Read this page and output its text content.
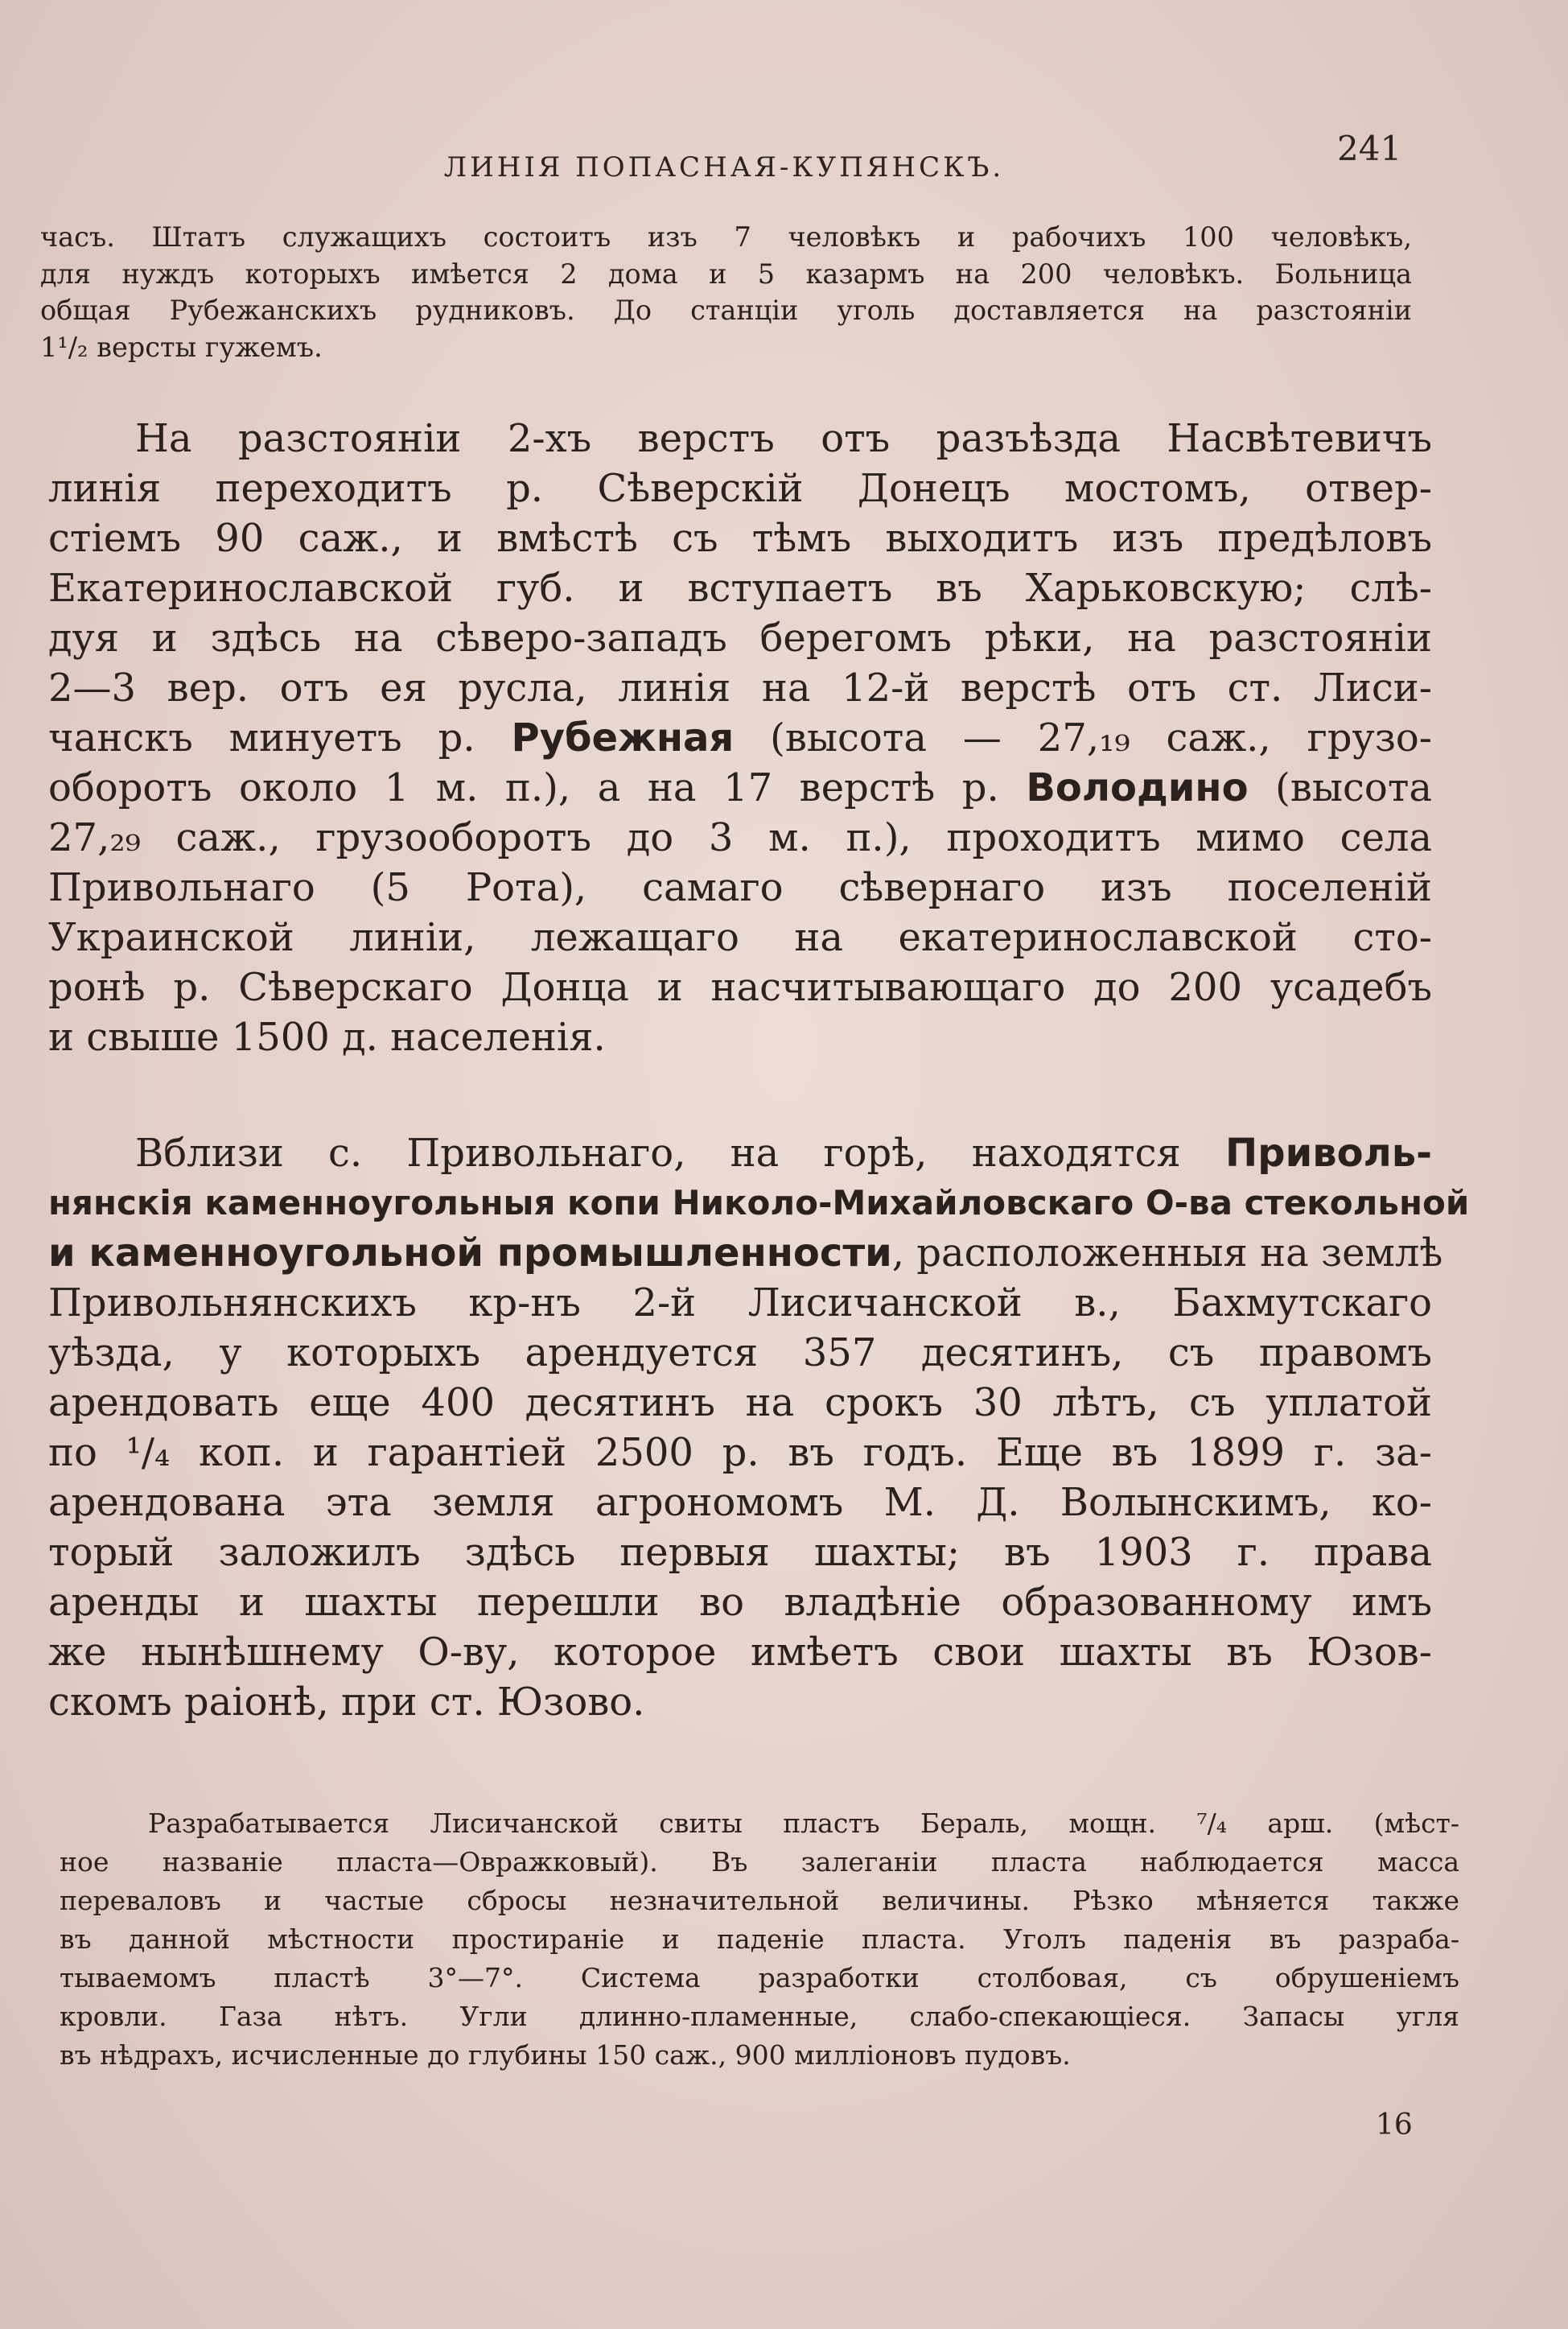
ЛИНІЯ ПОПАСНАЯ-КУПЯНСКЪ.	241
часъ. Штатъ служащихъ состоитъ изъ 7 человѣкъ и рабочихъ 100 человѣкъ,
для нуждъ которыхъ имѣется 2 дома и 5 казармъ на 200 человѣкъ. Больница
общая Рубежанскихъ рудниковъ. До станціи уголь доставляется на разстояніи
1¹/₂ версты гужемъ.
На разстояніи 2-хъ верстъ отъ разъѣзда Насвѣтевичъ
линія переходитъ р. Сѣверскій Донецъ мостомъ, отвер-
стіемъ 90 саж., и вмѣстѣ съ тѣмъ выходитъ изъ предѣловъ
Екатеринославской губ. и вступаетъ въ Харьковскую; слѣ-
дуя и здѣсь на сѣверо-западъ берегомъ рѣки, на разстояніи
2—3 вер. отъ ея русла, линія на 12-й верстѣ отъ ст. Лиси-
чанскъ минуетъ р. Рубежная (высота — 27,₁₉ саж., грузо-
оборотъ около 1 м. п.), а на 17 верстѣ р. Володино (высота
27,₂₉ саж., грузооборотъ до 3 м. п.), проходитъ мимо села
Привольнаго (5 Рота), самаго сѣвернаго изъ поселеній
Украинской линіи, лежащаго на екатеринославской сто-
ронѣ р. Сѣверскаго Донца и насчитывающаго до 200 усадебъ
и свыше 1500 д. населенія.
Вблизи с. Привольнаго, на горѣ, находятся Приволь-
нянскія каменноугольныя копи Николо-Михайловскаго О-ва стекольной
и каменноугольной промышленности, расположенныя на землѣ
Привольнянскихъ кр-нъ 2-й Лисичанской в., Бахмутскаго
уѣзда, у которыхъ арендуется 357 десятинъ, съ правомъ
арендовать еще 400 десятинъ на срокъ 30 лѣтъ, съ уплатой
по ¹/₄ коп. и гарантіей 2500 р. въ годъ. Еще въ 1899 г. за-
арендована эта земля агрономомъ М. Д. Волынскимъ, ко-
торый заложилъ здѣсь первыя шахты; въ 1903 г. права
аренды и шахты перешли во владѣніе образованному имъ
же нынѣшнему О-ву, которое имѣетъ свои шахты въ Юзов-
скомъ раіонѣ, при ст. Юзово.
Разрабатывается Лисичанской свиты пластъ Бераль, мощн. ⁷/₄ арш. (мѣст-
ное названіе пласта—Овражковый). Въ залеганіи пласта наблюдается масса
переваловъ и частые сбросы незначительной величины. Рѣзко мѣняется также
въ данной мѣстности простираніе и паденіе пласта. Уголъ паденія въ разраба-
тываемомъ пластѣ 3°—7°. Система разработки столбовая, съ обрушеніемъ
кровли. Газа нѣтъ. Угли длинно-пламенные, слабо-спекающіеся. Запасы угля
въ нѣдрахъ, исчисленные до глубины 150 саж., 900 милліоновъ пудовъ.
16
